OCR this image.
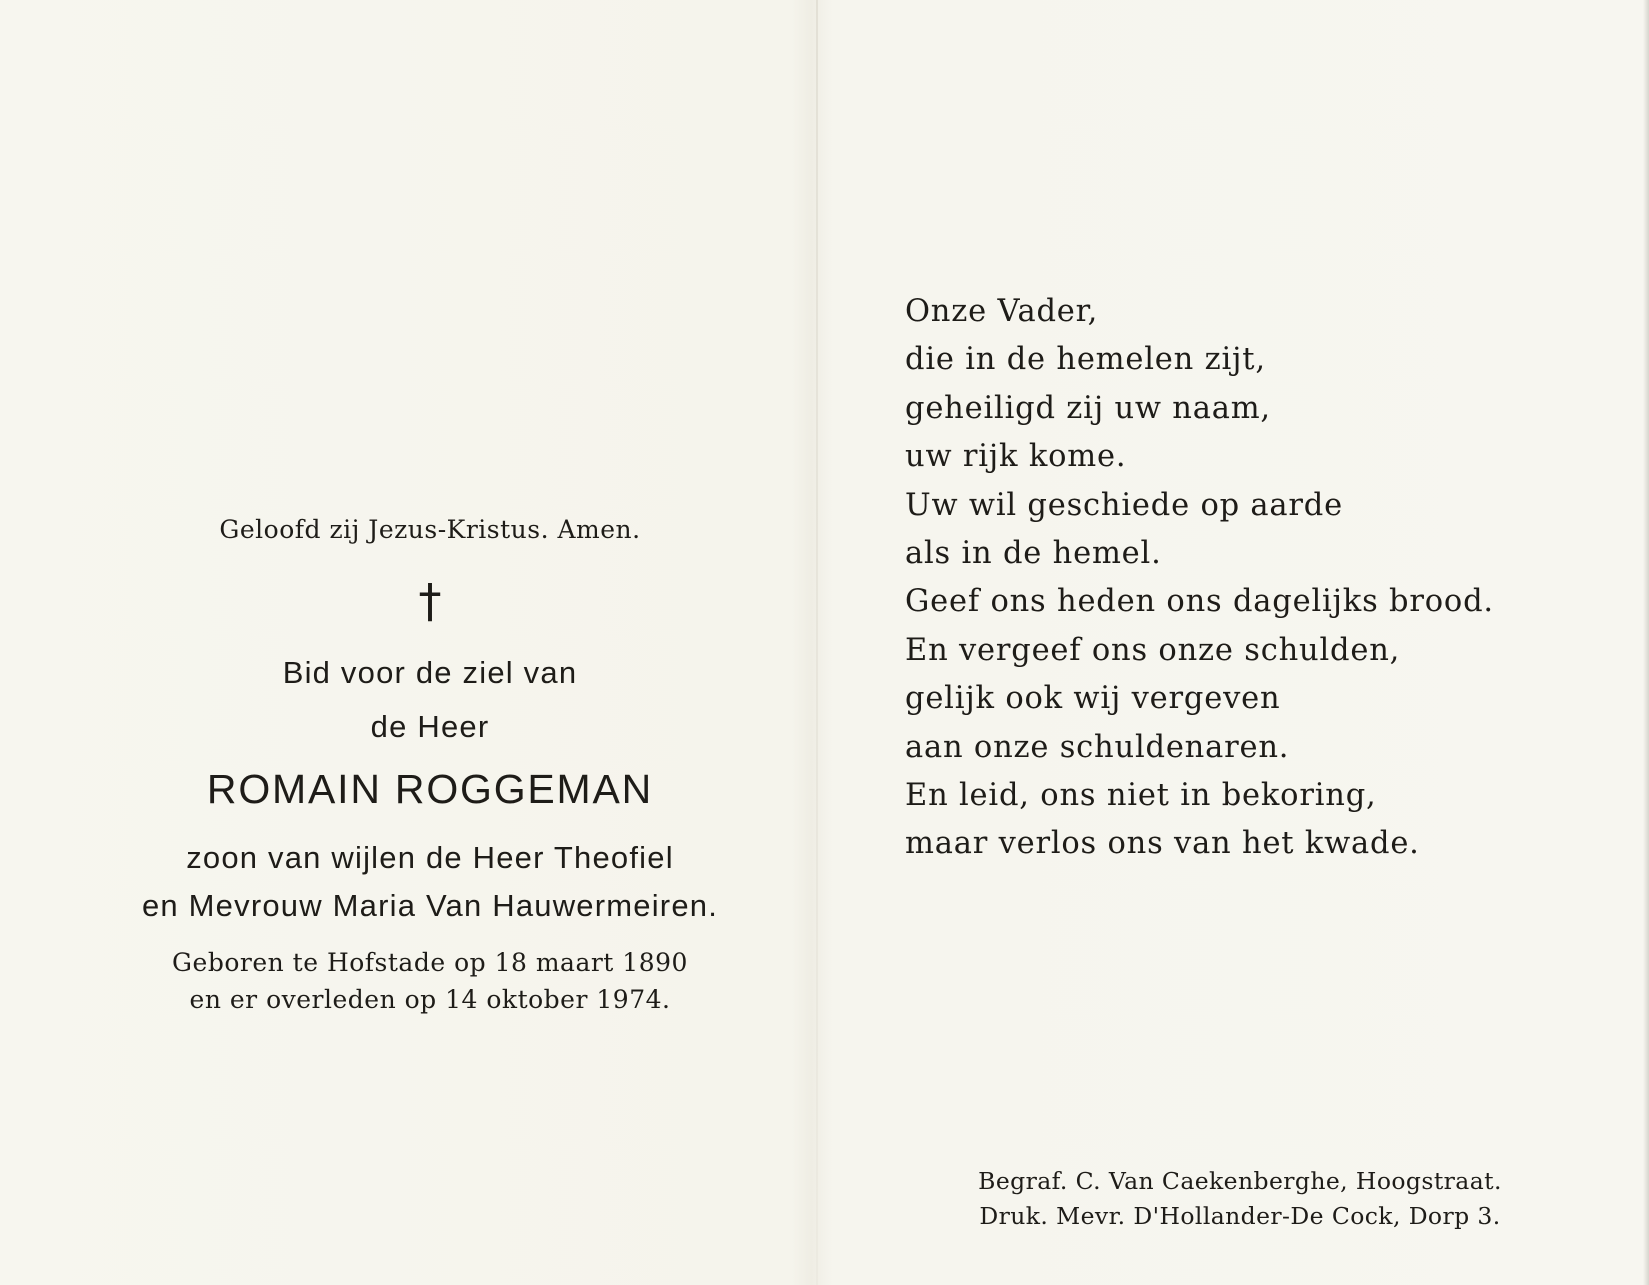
Geloofd zij Jezus-Kristus. Amen.
†
Bid voor de ziel van
de Heer
ROMAIN ROGGEMAN
zoon van wijlen de Heer Theofiel
en Mevrouw Maria Van Hauwermeiren.
Geboren te Hofstade op 18 maart 1890
en er overleden op 14 oktober 1974.
Onze Vader,
die in de hemelen zijt,
geheiligd zij uw naam,
uw rijk kome.
Uw wil geschiede op aarde
als in de hemel.
Geef ons heden ons dagelijks brood.
En vergeef ons onze schulden,
gelijk ook wij vergeven
aan onze schuldenaren.
En leid, ons niet in bekoring,
maar verlos ons van het kwade.
Begraf. C. Van Caekenberghe, Hoogstraat.
Druk. Mevr. D'Hollander-De Cock, Dorp 3.
